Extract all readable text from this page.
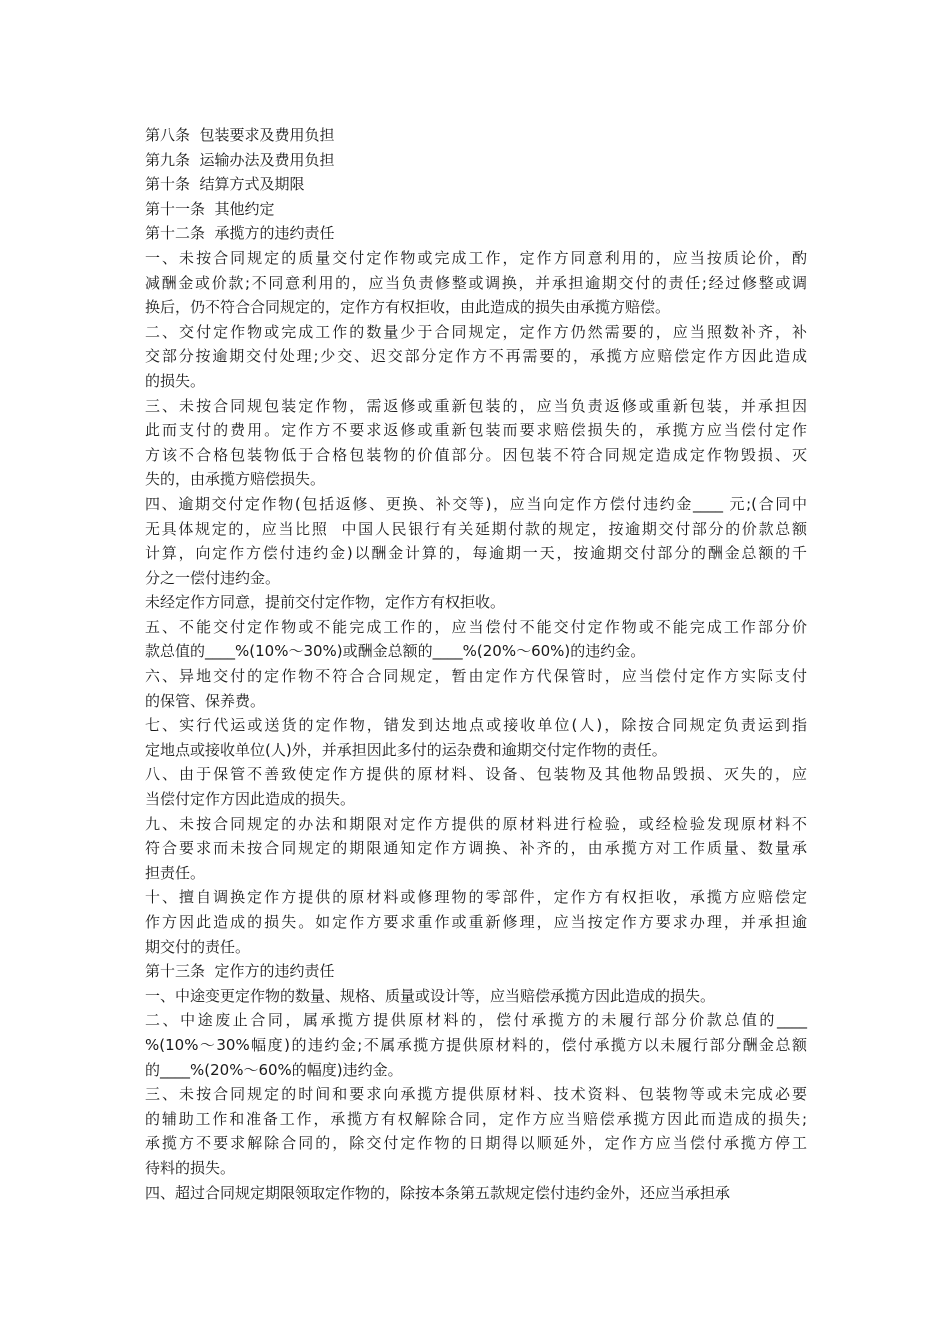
第八条  包装要求及费用负担
第九条  运输办法及费用负担
第十条  结算方式及期限
第十一条  其他约定
第十二条  承揽方的违约责任
一、未按合同规定的质量交付定作物或完成工作，定作方同意利用的，应当按质论价，酌
减酬金或价款;不同意利用的，应当负责修整或调换，并承担逾期交付的责任;经过修整或调
换后，仍不符合合同规定的，定作方有权拒收，由此造成的损失由承揽方赔偿。
二、交付定作物或完成工作的数量少于合同规定，定作方仍然需要的，应当照数补齐，补
交部分按逾期交付处理;少交、迟交部分定作方不再需要的，承揽方应赔偿定作方因此造成
的损失。
三、未按合同规包装定作物，需返修或重新包装的，应当负责返修或重新包装，并承担因
此而支付的费用。定作方不要求返修或重新包装而要求赔偿损失的，承揽方应当偿付定作
方该不合格包装物低于合格包装物的价值部分。因包装不符合同规定造成定作物毁损、灭
失的，由承揽方赔偿损失。
四、逾期交付定作物(包括返修、更换、补交等)，应当向定作方偿付违约金____ 元;(合同中
无具体规定的，应当比照  中国人民银行有关延期付款的规定，按逾期交付部分的价款总额
计算，向定作方偿付违约金)以酬金计算的，每逾期一天，按逾期交付部分的酬金总额的千
分之一偿付违约金。
未经定作方同意，提前交付定作物，定作方有权拒收。
五、不能交付定作物或不能完成工作的，应当偿付不能交付定作物或不能完成工作部分价
款总值的____%(10%～30%)或酬金总额的____%(20%～60%)的违约金。
六、异地交付的定作物不符合合同规定，暂由定作方代保管时，应当偿付定作方实际支付
的保管、保养费。
七、实行代运或送货的定作物，错发到达地点或接收单位(人)，除按合同规定负责运到指
定地点或接收单位(人)外，并承担因此多付的运杂费和逾期交付定作物的责任。
八、由于保管不善致使定作方提供的原材料、设备、包装物及其他物品毁损、灭失的，应
当偿付定作方因此造成的损失。
九、未按合同规定的办法和期限对定作方提供的原材料进行检验，或经检验发现原材料不
符合要求而未按合同规定的期限通知定作方调换、补齐的，由承揽方对工作质量、数量承
担责任。
十、擅自调换定作方提供的原材料或修理物的零部件，定作方有权拒收，承揽方应赔偿定
作方因此造成的损失。如定作方要求重作或重新修理，应当按定作方要求办理，并承担逾
期交付的责任。
第十三条  定作方的违约责任
一、中途变更定作物的数量、规格、质量或设计等，应当赔偿承揽方因此造成的损失。
二、中途废止合同，属承揽方提供原材料的，偿付承揽方的未履行部分价款总值的____
%(10%～30%幅度)的违约金;不属承揽方提供原材料的，偿付承揽方以未履行部分酬金总额
的____%(20%～60%的幅度)违约金。
三、未按合同规定的时间和要求向承揽方提供原材料、技术资料、包装物等或未完成必要
的辅助工作和准备工作，承揽方有权解除合同，定作方应当赔偿承揽方因此而造成的损失;
承揽方不要求解除合同的，除交付定作物的日期得以顺延外，定作方应当偿付承揽方停工
待料的损失。
四、超过合同规定期限领取定作物的，除按本条第五款规定偿付违约金外，还应当承担承
